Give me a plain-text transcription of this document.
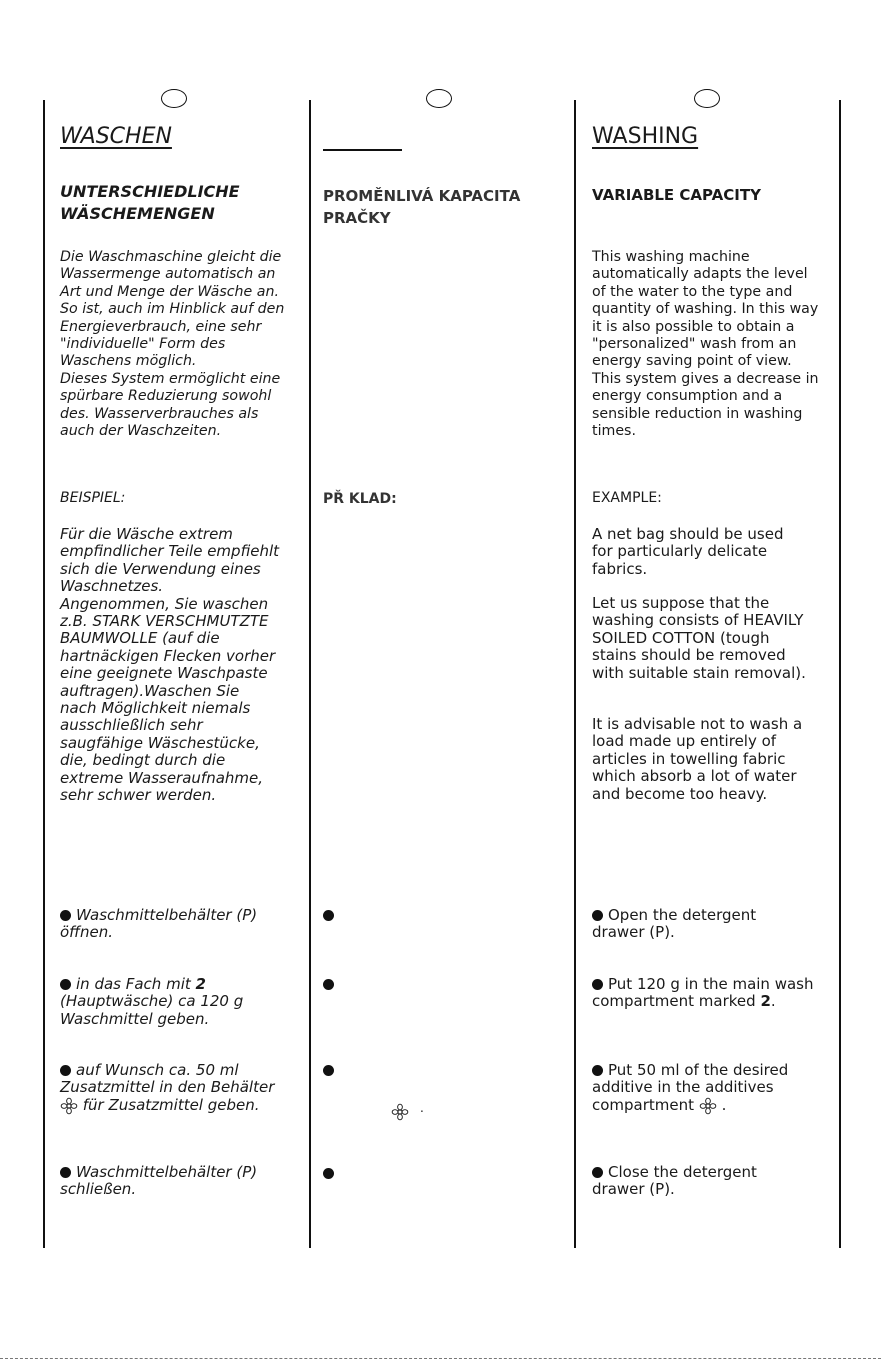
WASCHEN
UNTERSCHIEDLICHE
WÄSCHEMENGEN
Die Waschmaschine gleicht die
Wassermenge automatisch an
Art und Menge der Wäsche an.
So ist, auch im Hinblick auf den
Energieverbrauch, eine sehr
"individuelle" Form des
Waschens möglich.
Dieses System ermöglicht eine
spürbare Reduzierung sowohl
des. Wasserverbrauches als
auch der Waschzeiten.
BEISPIEL:
Für die Wäsche extrem
empfindlicher Teile empfiehlt
sich die Verwendung eines
Waschnetzes.
Angenommen, Sie waschen
z.B. STARK VERSCHMUTZTE
BAUMWOLLE (auf die
hartnäckigen Flecken vorher
eine geeignete Waschpaste
auftragen).Waschen Sie
nach Möglichkeit niemals
ausschließlich sehr
saugfähige Wäschestücke,
die, bedingt durch die
extreme Wasseraufnahme,
sehr schwer werden.
Waschmittelbehälter (P)
öffnen.
in das Fach mit 2
(Hauptwäsche) ca 120 g
Waschmittel geben.
auf Wunsch ca. 50 ml
Zusatzmittel in den Behälter
für Zusatzmittel geben.
Waschmittelbehälter (P)
schließen.
PROMĚNLIVÁ KAPACITA
PRAČKY
PŘ KLAD:
.
WASHING
VARIABLE CAPACITY
This washing machine
automatically adapts the level
of the water to the type and
quantity of washing. In this way
it is also possible to obtain a
"personalized" wash from an
energy saving point of view.
This system gives a decrease in
energy consumption and a
sensible reduction in washing
times.
EXAMPLE:
A net bag should be used
for particularly delicate
fabrics.
Let us suppose that the
washing consists of HEAVILY
SOILED COTTON (tough
stains should be removed
with suitable stain removal).
It is advisable not to wash a
load made up entirely of
articles in towelling fabric
which absorb a lot of water
and become too heavy.
Open the detergent
drawer (P).
Put 120 g in the main wash
compartment marked 2.
Put 50 ml of the desired
additive in the additives
compartment  .
Close the detergent
drawer (P).
